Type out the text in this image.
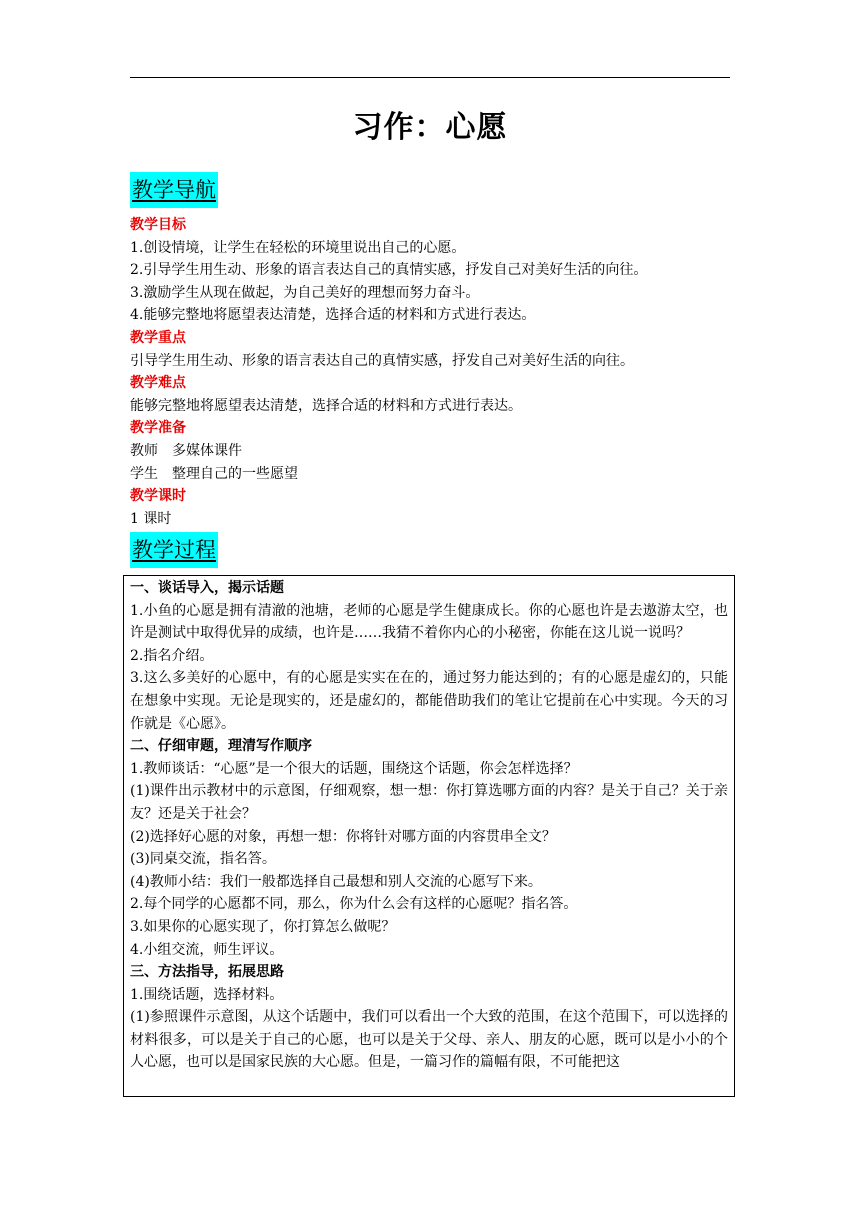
习作：心愿
教学导航
教学目标
1.创设情境，让学生在轻松的环境里说出自己的心愿。
2.引导学生用生动、形象的语言表达自己的真情实感，抒发自己对美好生活的向往。
3.激励学生从现在做起，为自己美好的理想而努力奋斗。
4.能够完整地将愿望表达清楚，选择合适的材料和方式进行表达。
教学重点
引导学生用生动、形象的语言表达自己的真情实感，抒发自己对美好生活的向往。
教学难点
能够完整地将愿望表达清楚，选择合适的材料和方式进行表达。
教学准备
教师　多媒体课件
学生　整理自己的一些愿望
教学课时
1 课时
教学过程
一、谈话导入，揭示话题
1.小鱼的心愿是拥有清澈的池塘，老师的心愿是学生健康成长。你的心愿也许是去遨游太空，也许是测试中取得优异的成绩，也许是……我猜不着你内心的小秘密，你能在这儿说一说吗？
2.指名介绍。
3.这么多美好的心愿中，有的心愿是实实在在的，通过努力能达到的；有的心愿是虚幻的，只能在想象中实现。无论是现实的，还是虚幻的，都能借助我们的笔让它提前在心中实现。今天的习作就是《心愿》。
二、仔细审题，理清写作顺序
1.教师谈话：“心愿”是一个很大的话题，围绕这个话题，你会怎样选择？
(1)课件出示教材中的示意图，仔细观察，想一想：你打算选哪方面的内容？是关于自己？关于亲友？还是关于社会？
(2)选择好心愿的对象，再想一想：你将针对哪方面的内容贯串全文？
(3)同桌交流，指名答。
(4)教师小结：我们一般都选择自己最想和别人交流的心愿写下来。
2.每个同学的心愿都不同，那么，你为什么会有这样的心愿呢？指名答。
3.如果你的心愿实现了，你打算怎么做呢？
4.小组交流，师生评议。
三、方法指导，拓展思路
1.围绕话题，选择材料。
(1)参照课件示意图，从这个话题中，我们可以看出一个大致的范围，在这个范围下，可以选择的材料很多，可以是关于自己的心愿，也可以是关于父母、亲人、朋友的心愿，既可以是小小的个人心愿，也可以是国家民族的大心愿。但是，一篇习作的篇幅有限，不可能把这
